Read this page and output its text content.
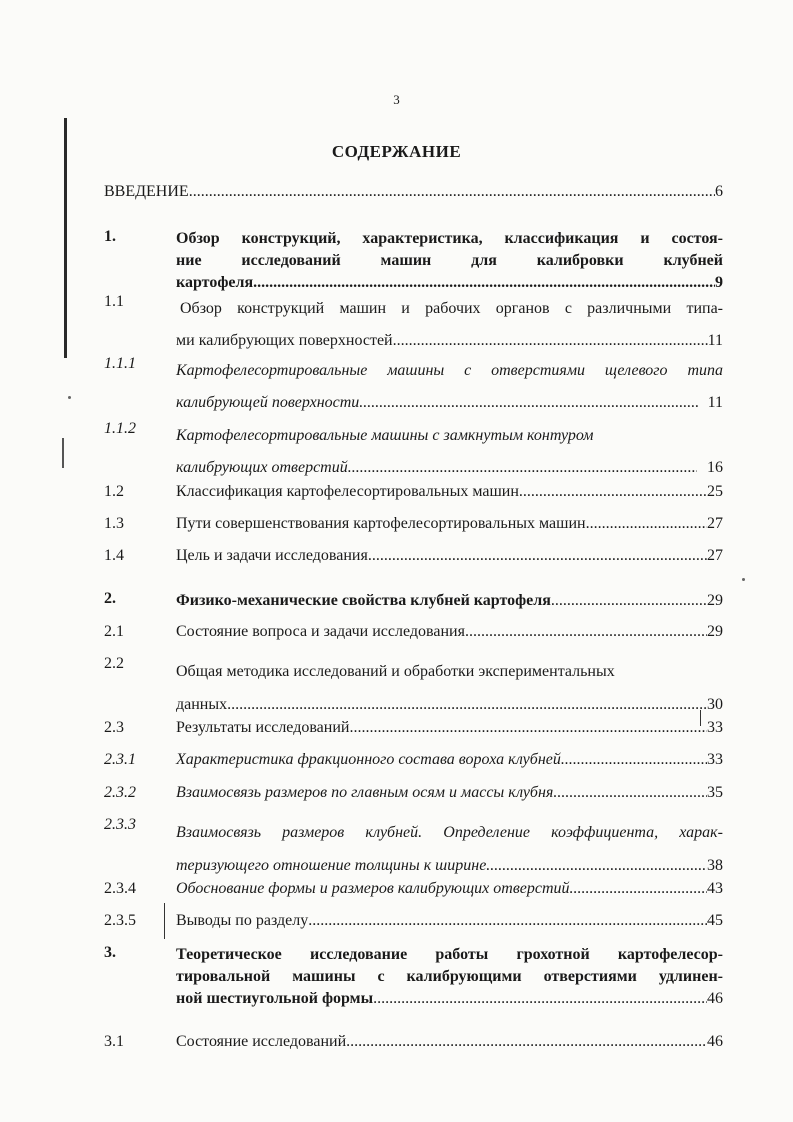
3
СОДЕРЖАНИЕ
ВВЕДЕНИЕ .....	6
1.	Обзор конструкций, характеристика, классификация и состоя-
ние исследований машин для калибровки клубней
картофеля .....	9
1.1	Обзор конструкций машин и рабочих органов с различными типа-
ми калибрующих поверхностей .....	11
1.1.1	Картофелесортировальные машины с отверстиями щелевого типа
калибрующей поверхности .....	11
1.1.2	Картофелесортировальные машины с замкнутым контуром
калибрующих отверстий .....	16
1.2	Классификация картофелесортировальных машин .....	25
1.3	Пути совершенствования картофелесортировальных машин .....	27
1.4	Цель и задачи исследования .....	27
2.	Физико-механические свойства клубней картофеля .....	29
2.1	Состояние вопроса и задачи исследования .....	29
2.2	Общая методика исследований и обработки экспериментальных
данных .....	30
2.3	Результаты исследований .....	33
2.3.1	Характеристика фракционного состава вороха клубней .....	33
2.3.2	Взаимосвязь размеров по главным осям и массы клубня .....	35
2.3.3	Взаимосвязь размеров клубней. Определение коэффициента, харак-
теризующего отношение толщины к ширине .....	38
2.3.4	Обоснование формы и размеров калибрующих отверстий .....	43
2.3.5	Выводы по разделу .....	45
3.	Теоретическое исследование работы грохотной картофелесор-
тировальной машины с калибрующими отверстиями удлинен-
ной шестиугольной формы .....	46
3.1	Состояние исследований .....	46
